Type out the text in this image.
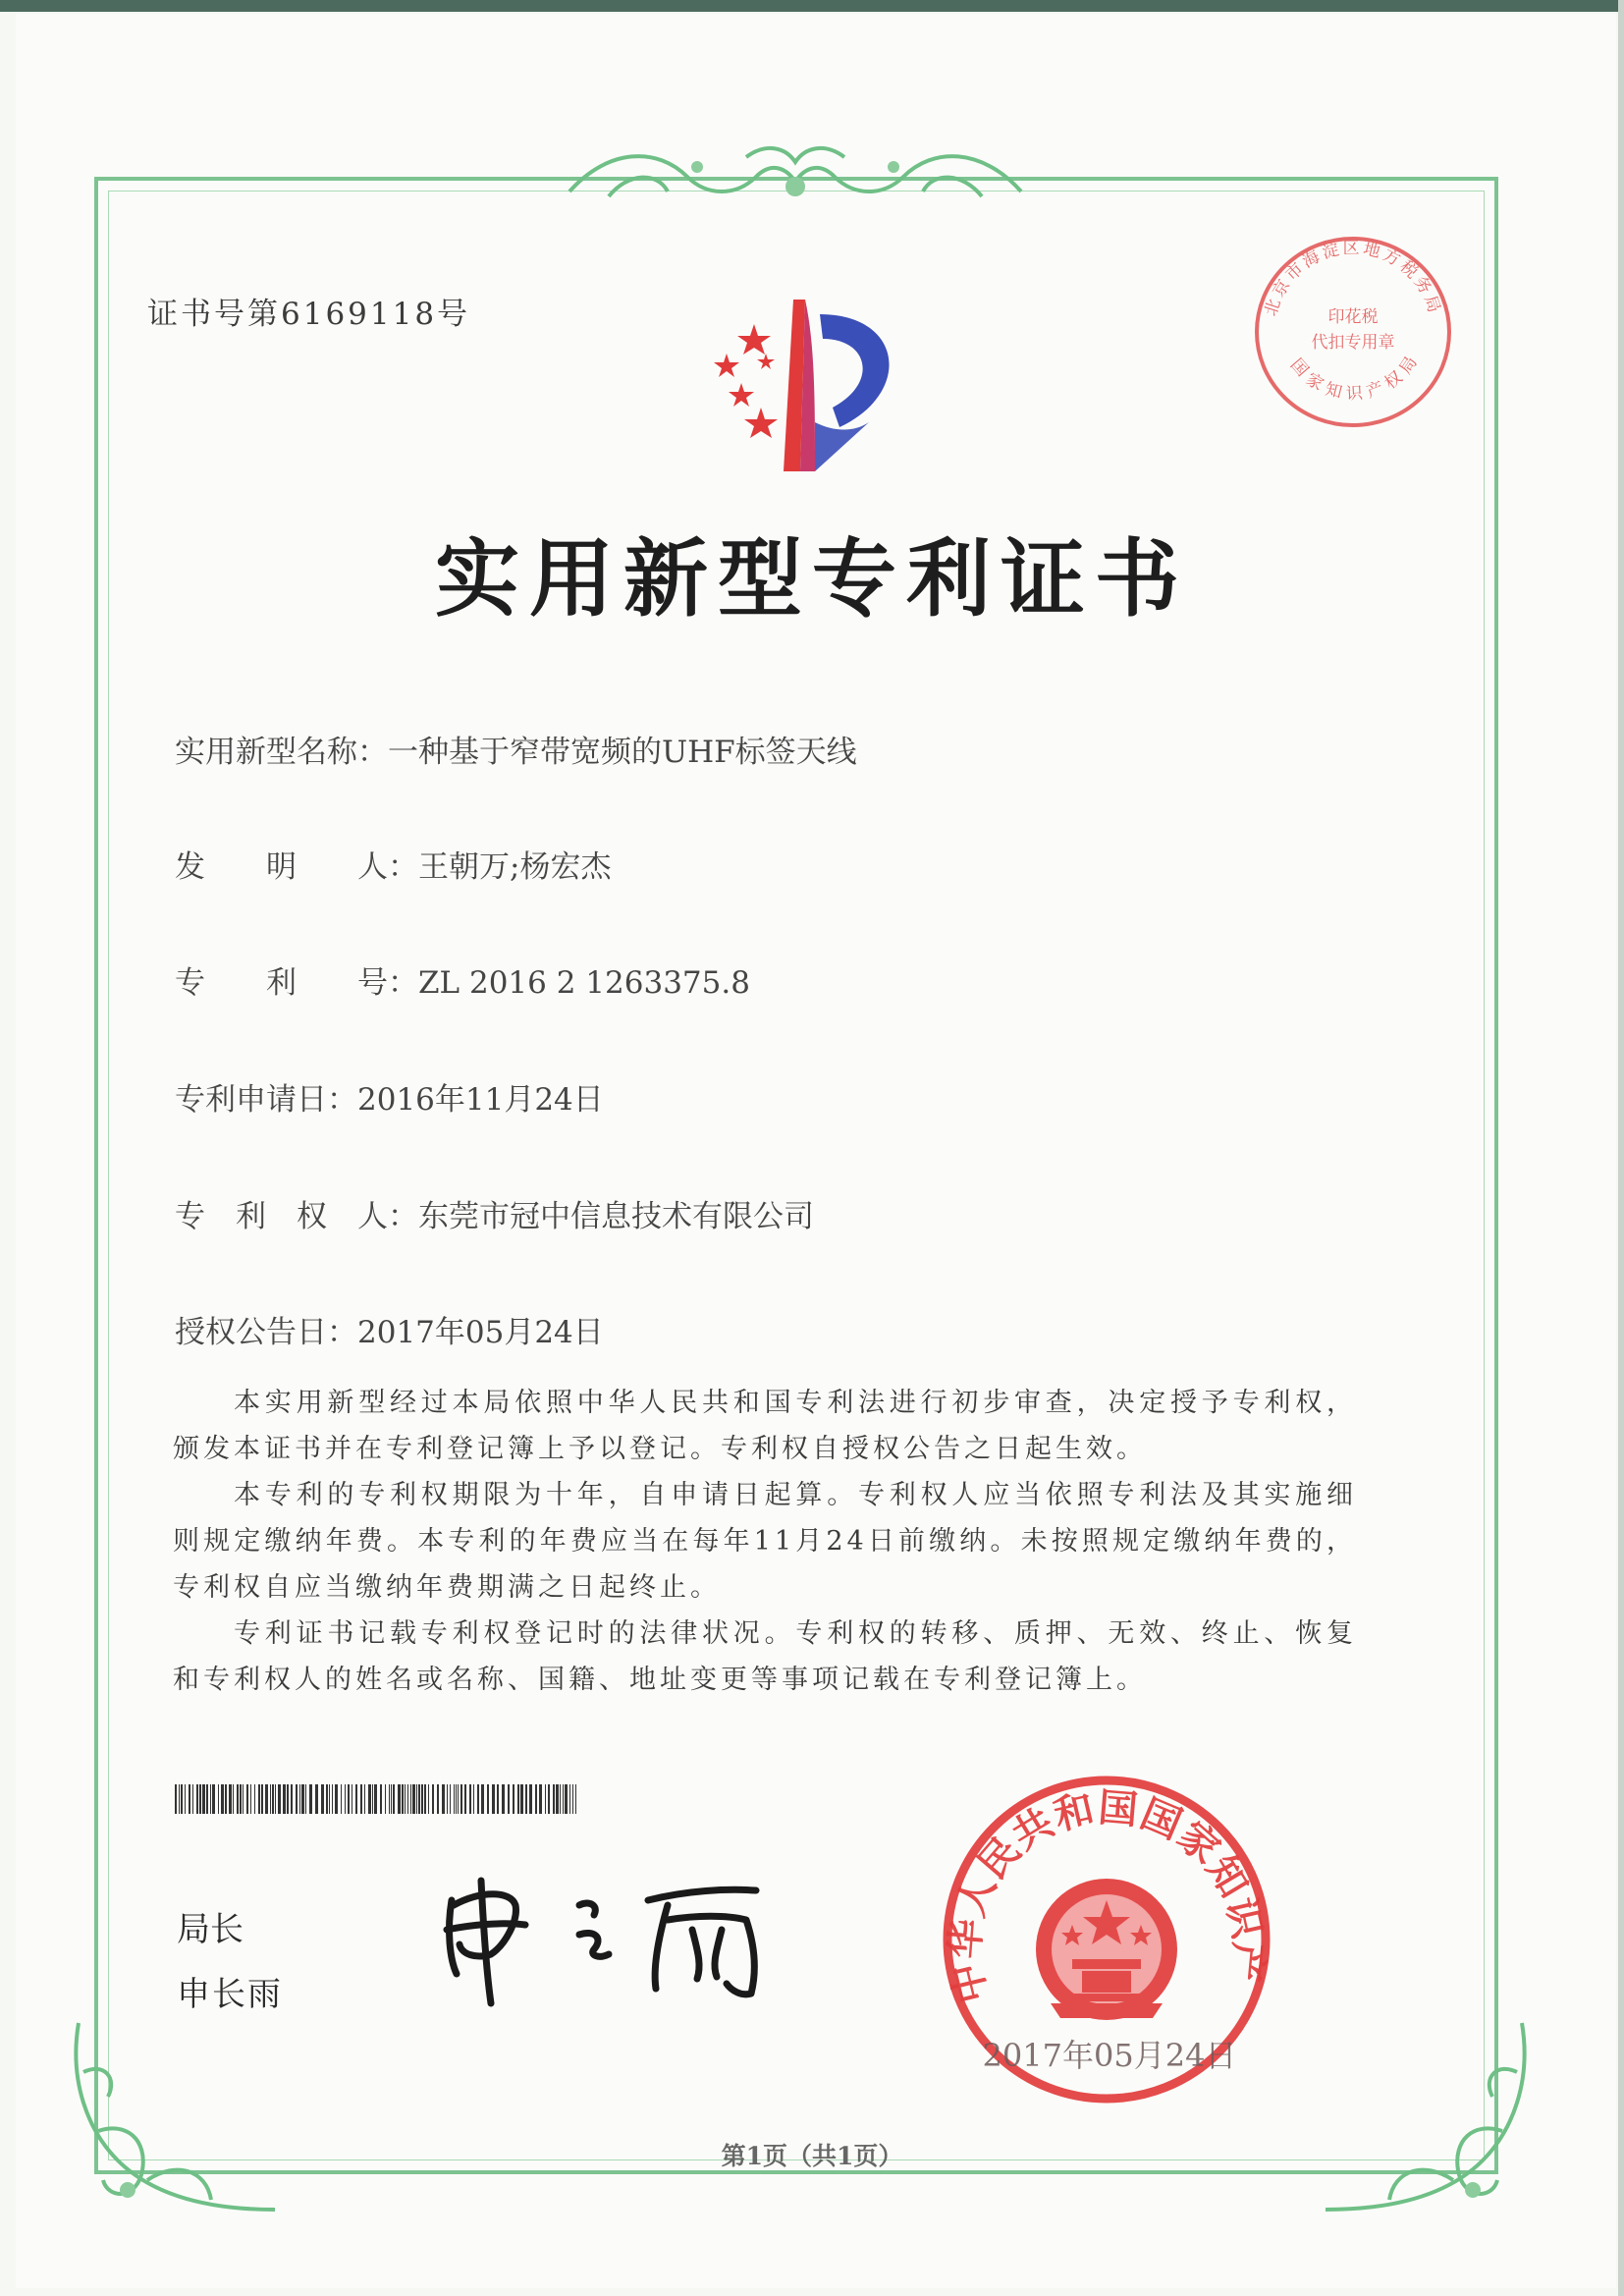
证书号第6169118号	北京市海淀区地方税务局
印花税
代扣专用章
国家知识产权局
实用新型专利证书
实用新型名称：一种基于窄带宽频的UHF标签天线
发　　明　　人：王朝万;杨宏杰
专　　利　　号：ZL 2016 2 1263375.8
专利申请日：2016年11月24日
专　利　权　人：东莞市冠中信息技术有限公司
授权公告日：2017年05月24日

本实用新型经过本局依照中华人民共和国专利法进行初步审查，决定授予专利权，颁发本证书并在专利登记簿上予以登记。专利权自授权公告之日起生效。

本专利的专利权期限为十年，自申请日起算。专利权人应当依照专利法及其实施细则规定缴纳年费。本专利的年费应当在每年11月24日前缴纳。未按照规定缴纳年费的，专利权自应当缴纳年费期满之日起终止。

专利证书记载专利权登记时的法律状况。专利权的转移、质押、无效、终止、恢复和专利权人的姓名或名称、国籍、地址变更等事项记载在专利登记簿上。

局长
申长雨	中华人民共和国国家知识产
2017年05月24日
第1页（共1页）
